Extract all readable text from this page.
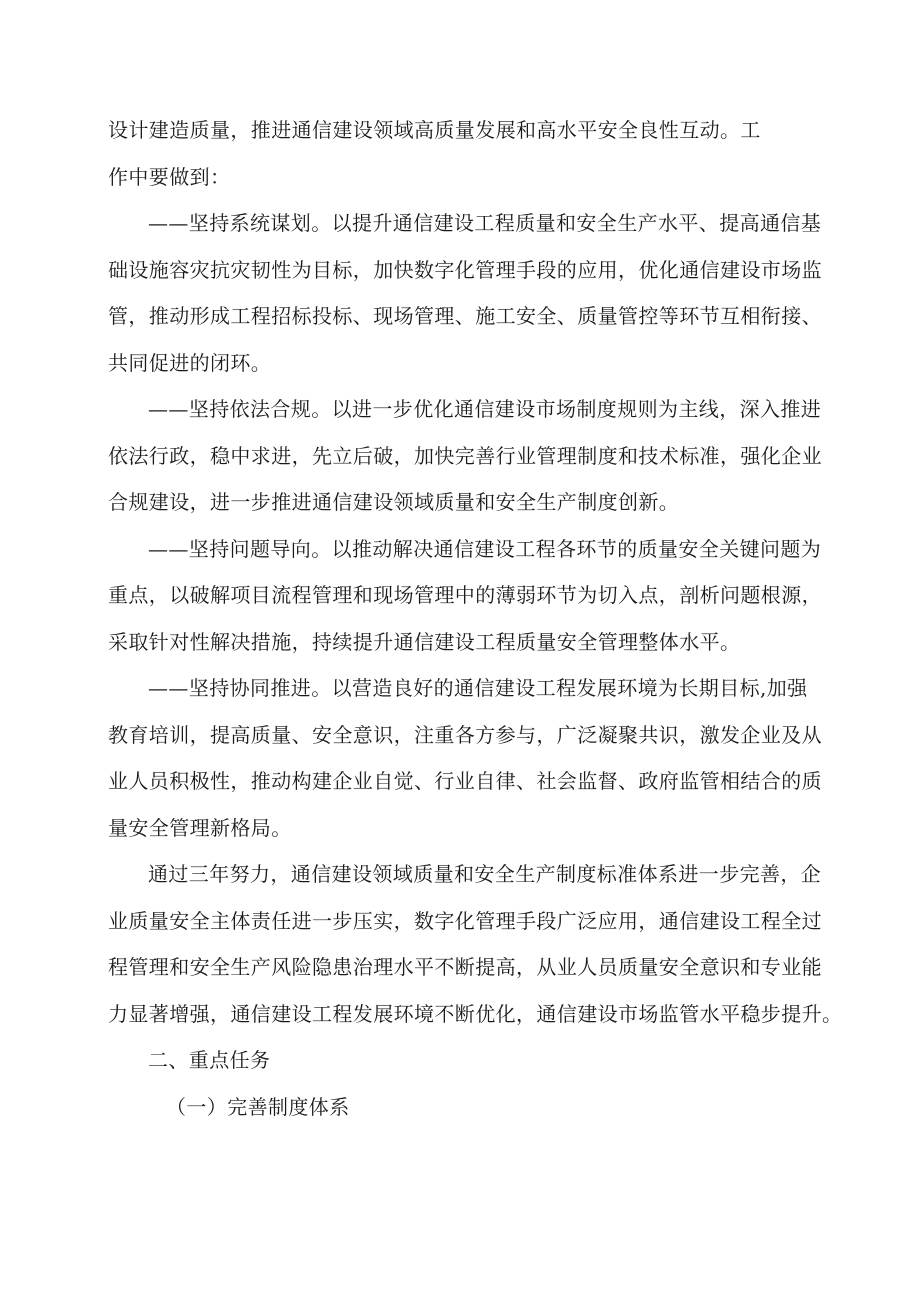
设计建造质量，推进通信建设领域高质量发展和高水平安全良性互动。工

作中要做到：

——坚持系统谋划。以提升通信建设工程质量和安全生产水平、提高通信基

础设施容灾抗灾韧性为目标，加快数字化管理手段的应用，优化通信建设市场监

管，推动形成工程招标投标、现场管理、施工安全、质量管控等环节互相衔接、

共同促进的闭环。

——坚持依法合规。以进一步优化通信建设市场制度规则为主线，深入推进

依法行政，稳中求进，先立后破，加快完善行业管理制度和技术标准，强化企业

合规建设，进一步推进通信建设领域质量和安全生产制度创新。

——坚持问题导向。以推动解决通信建设工程各环节的质量安全关键问题为

重点，以破解项目流程管理和现场管理中的薄弱环节为切入点，剖析问题根源，

采取针对性解决措施，持续提升通信建设工程质量安全管理整体水平。

——坚持协同推进。以营造良好的通信建设工程发展环境为长期目标,加强

教育培训，提高质量、安全意识，注重各方参与，广泛凝聚共识，激发企业及从

业人员积极性，推动构建企业自觉、行业自律、社会监督、政府监管相结合的质

量安全管理新格局。

通过三年努力，通信建设领域质量和安全生产制度标准体系进一步完善，企

业质量安全主体责任进一步压实，数字化管理手段广泛应用，通信建设工程全过

程管理和安全生产风险隐患治理水平不断提高，从业人员质量安全意识和专业能

力显著增强，通信建设工程发展环境不断优化，通信建设市场监管水平稳步提升。

二、重点任务

（一）完善制度体系
